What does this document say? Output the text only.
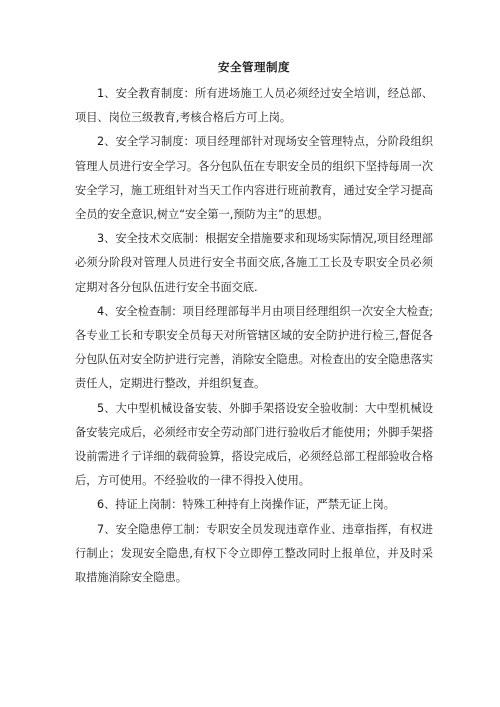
安全管理制度

1、安全教育制度：所有进场施工人员必须经过安全培训，经总部、项目、岗位三级教育,考核合格后方可上岗。

2、安全学习制度：项目经理部针对现场安全管理特点，分阶段组织管理人员进行安全学习。各分包队伍在专职安全员的组织下坚持每周一次安全学习，施工班组针对当天工作内容进行班前教育，通过安全学习提高全员的安全意识,树立“安全第一,预防为主”的思想。

3、安全技术交底制：根据安全措施要求和现场实际情况,项目经理部必须分阶段对管理人员进行安全书面交底,各施工工长及专职安全员必须定期对各分包队伍进行安全书面交底.

4、安全检查制：项目经理部每半月由项目经理组织一次安全大检查;各专业工长和专职安全员每天对所管辖区域的安全防护进行检三,督促各分包队伍对安全防护进行完善，消除安全隐患。对检查出的安全隐患落实责任人，定期进行整改，并组织复查。

5、大中型机械设备安装、外脚手架搭设安全验收制：大中型机械设备安装完成后，必须经市安全劳动部门进行验收后才能使用；外脚手架搭设前需进彳亍详细的载荷验算，搭设完成后，必须经总部工程部验收合格后，方可使用。不经验收的一律不得投入使用。

6、持证上岗制：特殊工种持有上岗操作证，严禁无证上岗。

7、安全隐患停工制：专职安全员发现违章作业、违章指挥，有权进行制止；发现安全隐患,有权下令立即停工整改同时上报单位，并及时采取措施消除安全隐患。
